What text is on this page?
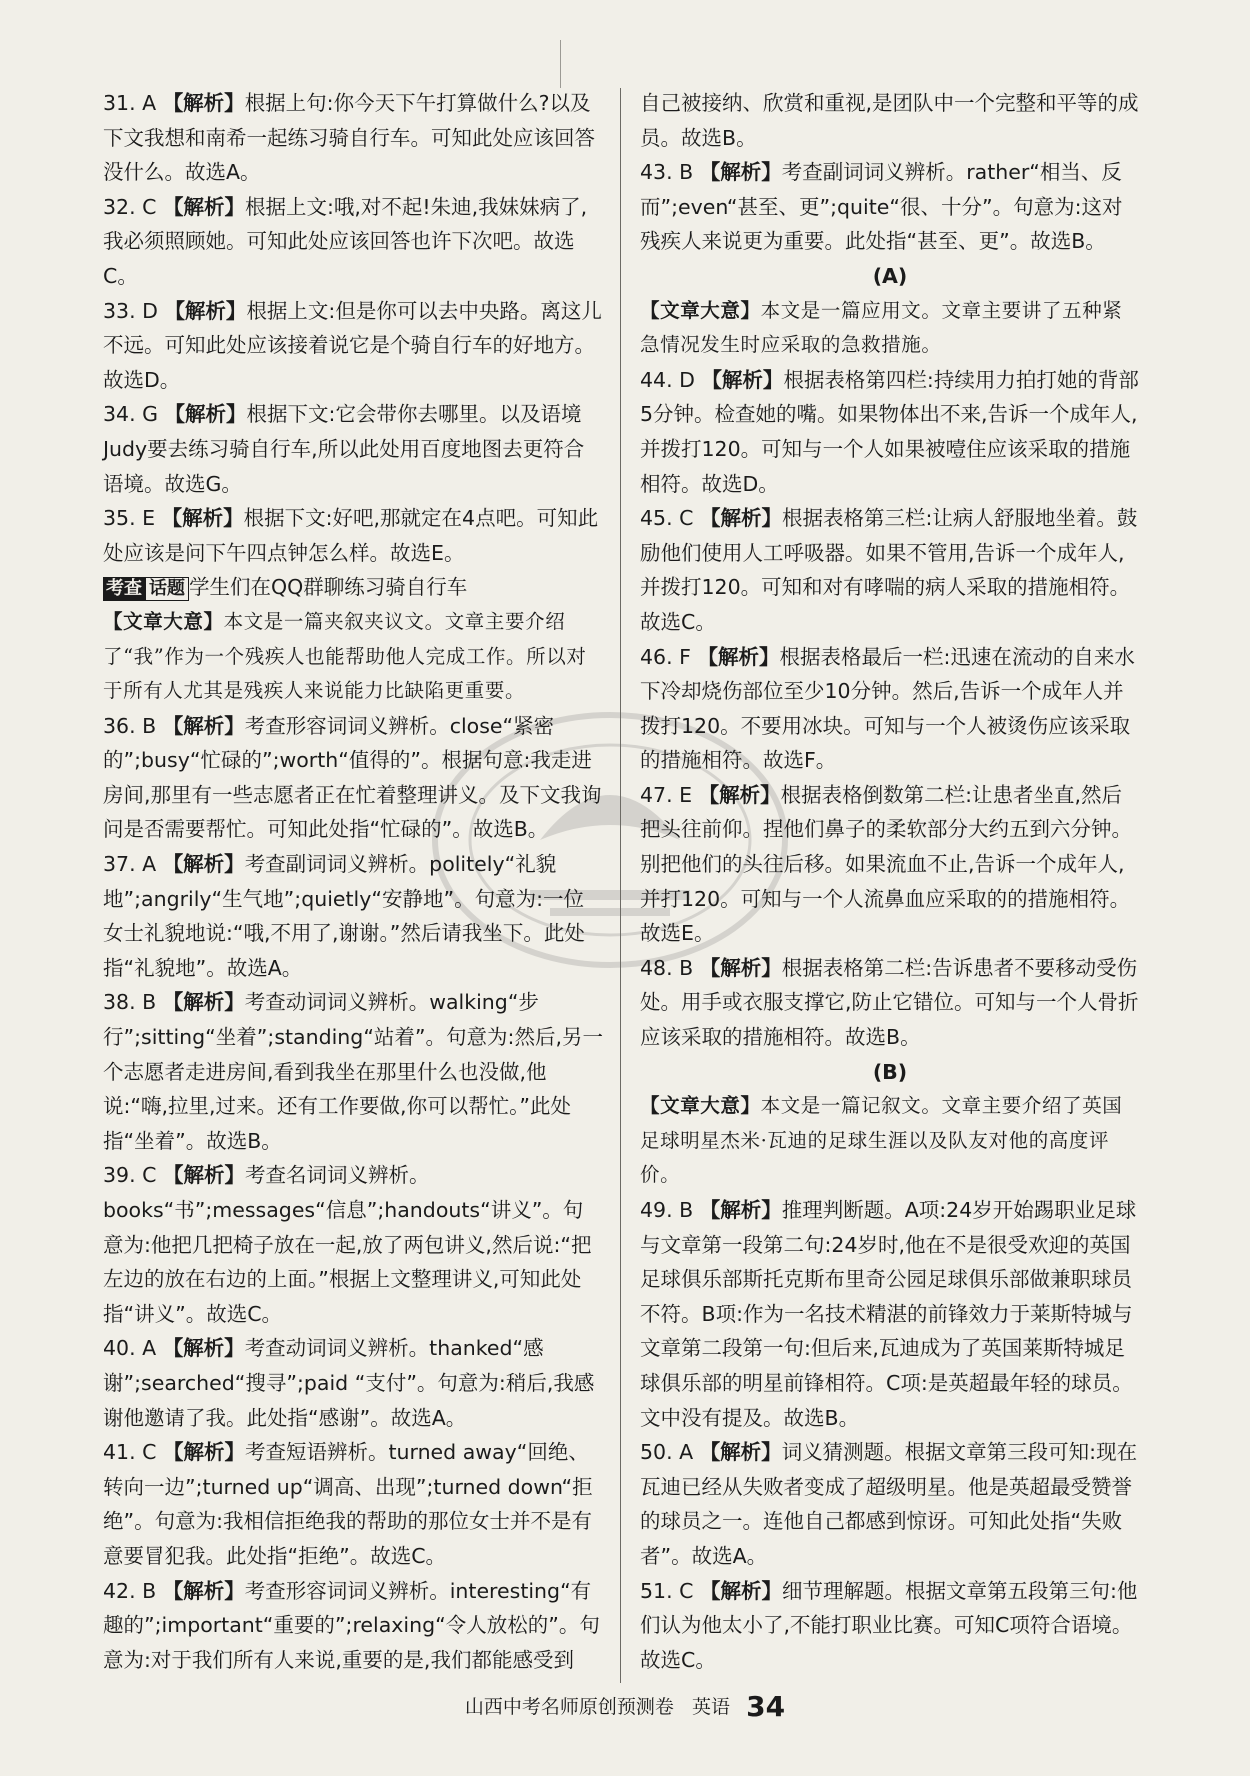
31. A 【解析】根据上句:你今天下午打算做什么?以及下文我想和南希一起练习骑自行车。可知此处应该回答没什么。故选A。

32. C 【解析】根据上文:哦,对不起!朱迪,我妹妹病了,我必须照顾她。可知此处应该回答也许下次吧。故选C。

33. D 【解析】根据上文:但是你可以去中央路。离这儿不远。可知此处应该接着说它是个骑自行车的好地方。故选D。

34. G 【解析】根据下文:它会带你去哪里。以及语境Judy要去练习骑自行车,所以此处用百度地图去更符合语境。故选G。

35. E 【解析】根据下文:好吧,那就定在4点吧。可知此处应该是问下午四点钟怎么样。故选E。

考查 话题 学生们在QQ群聊练习骑自行车

【文章大意】本文是一篇夹叙夹议文。文章主要介绍了“我”作为一个残疾人也能帮助他人完成工作。所以对于所有人尤其是残疾人来说能力比缺陷更重要。

36. B 【解析】考查形容词词义辨析。close“紧密的”;busy“忙碌的”;worth“值得的”。根据句意:我走进房间,那里有一些志愿者正在忙着整理讲义。及下文我询问是否需要帮忙。可知此处指“忙碌的”。故选B。

37. A 【解析】考查副词词义辨析。politely“礼貌地”;angrily“生气地”;quietly“安静地”。句意为:一位女士礼貌地说:“哦,不用了,谢谢。”然后请我坐下。此处指“礼貌地”。故选A。

38. B 【解析】考查动词词义辨析。walking“步行”;sitting“坐着”;standing“站着”。句意为:然后,另一个志愿者走进房间,看到我坐在那里什么也没做,他说:“嗨,拉里,过来。还有工作要做,你可以帮忙。”此处指“坐着”。故选B。

39. C 【解析】考查名词词义辨析。books“书”;messages“信息”;handouts“讲义”。句意为:他把几把椅子放在一起,放了两包讲义,然后说:“把左边的放在右边的上面。”根据上文整理讲义,可知此处指“讲义”。故选C。

40. A 【解析】考查动词词义辨析。thanked“感谢”;searched“搜寻”;paid “支付”。句意为:稍后,我感谢他邀请了我。此处指“感谢”。故选A。

41. C 【解析】考查短语辨析。turned away“回绝、转向一边”;turned up“调高、出现”;turned down“拒绝”。句意为:我相信拒绝我的帮助的那位女士并不是有意要冒犯我。此处指“拒绝”。故选C。

42. B 【解析】考查形容词词义辨析。interesting“有趣的”;important“重要的”;relaxing“令人放松的”。句意为:对于我们所有人来说,重要的是,我们都能感受到

自己被接纳、欣赏和重视,是团队中一个完整和平等的成员。故选B。

43. B 【解析】考查副词词义辨析。rather“相当、反而”;even“甚至、更”;quite“很、十分”。句意为:这对残疾人来说更为重要。此处指“甚至、更”。故选B。

(A)

【文章大意】本文是一篇应用文。文章主要讲了五种紧急情况发生时应采取的急救措施。

44. D 【解析】根据表格第四栏:持续用力拍打她的背部5分钟。检查她的嘴。如果物体出不来,告诉一个成年人,并拨打120。可知与一个人如果被噎住应该采取的措施相符。故选D。

45. C 【解析】根据表格第三栏:让病人舒服地坐着。鼓励他们使用人工呼吸器。如果不管用,告诉一个成年人,并拨打120。可知和对有哮喘的病人采取的措施相符。故选C。

46. F 【解析】根据表格最后一栏:迅速在流动的自来水下冷却烧伤部位至少10分钟。然后,告诉一个成年人并拨打120。不要用冰块。可知与一个人被烫伤应该采取的措施相符。故选F。

47. E 【解析】根据表格倒数第二栏:让患者坐直,然后把头往前仰。捏他们鼻子的柔软部分大约五到六分钟。别把他们的头往后移。如果流血不止,告诉一个成年人,并打120。可知与一个人流鼻血应采取的的措施相符。故选E。

48. B 【解析】根据表格第二栏:告诉患者不要移动受伤处。用手或衣服支撑它,防止它错位。可知与一个人骨折应该采取的措施相符。故选B。

(B)

【文章大意】本文是一篇记叙文。文章主要介绍了英国足球明星杰米·瓦迪的足球生涯以及队友对他的高度评价。

49. B 【解析】推理判断题。A项:24岁开始踢职业足球与文章第一段第二句:24岁时,他在不是很受欢迎的英国足球俱乐部斯托克斯布里奇公园足球俱乐部做兼职球员不符。B项:作为一名技术精湛的前锋效力于莱斯特城与文章第二段第一句:但后来,瓦迪成为了英国莱斯特城足球俱乐部的明星前锋相符。C项:是英超最年轻的球员。文中没有提及。故选B。

50. A 【解析】词义猜测题。根据文章第三段可知:现在瓦迪已经从失败者变成了超级明星。他是英超最受赞誉的球员之一。连他自己都感到惊讶。可知此处指“失败者”。故选A。

51. C 【解析】细节理解题。根据文章第五段第三句:他们认为他太小了,不能打职业比赛。可知C项符合语境。故选C。

山西中考名师原创预测卷 英语 34
